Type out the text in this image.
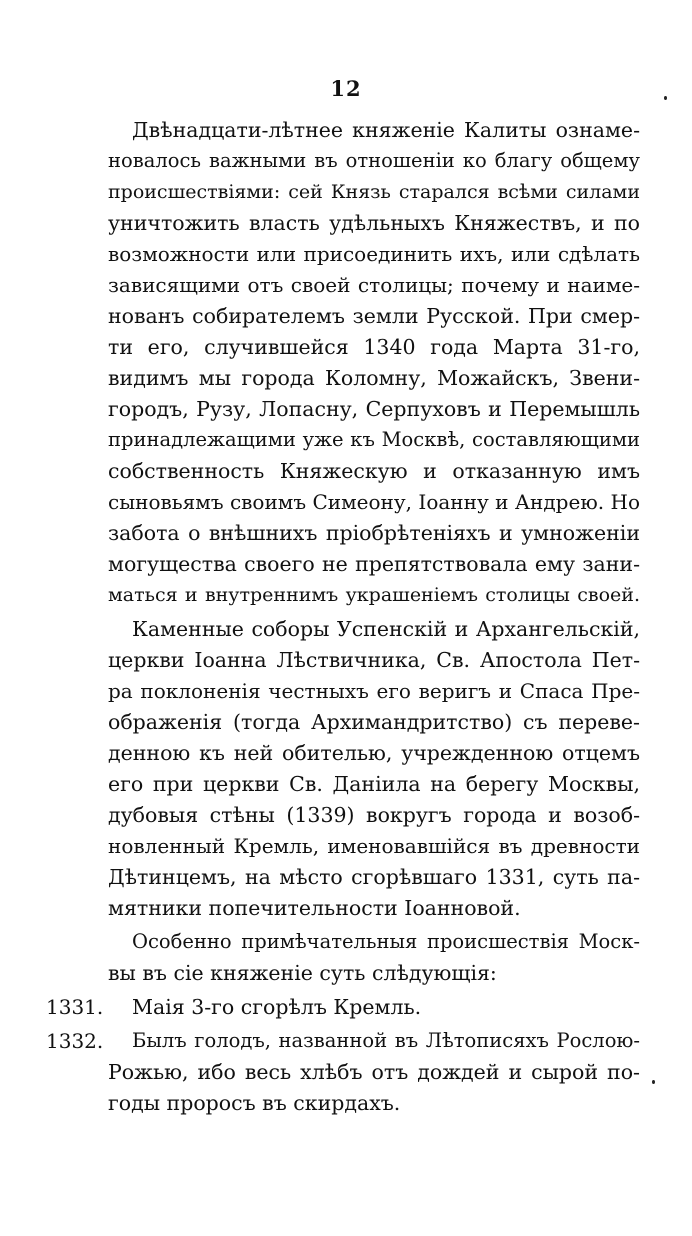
12
Двѣнадцати-лѣтнее княженіе Калиты ознаме-
новалось важными въ отношеніи ко благу общему
происшествіями: сей Князь старался всѣми силами
уничтожить власть удѣльныхъ Княжествъ, и по
возможности или присоединить ихъ, или сдѣлать
зависящими отъ своей столицы; почему и наиме-
нованъ собирателемъ земли Русской. При смер-
ти его, случившейся 1340 года Марта 31-го,
видимъ мы города Коломну, Можайскъ, Звени-
городъ, Рузу, Лопасну, Серпуховъ и Перемышль
принадлежащими уже къ Москвѣ, составляющими
собственность Княжескую и отказанную имъ
сыновьямъ своимъ Симеону, Іоанну и Андрею. Но
забота о внѣшнихъ пріобрѣтеніяхъ и умноженіи
могущества своего не препятствовала ему зани-
маться и внутреннимъ украшеніемъ столицы своей.
Каменные соборы Успенскій и Архангельскій,
церкви Іоанна Лѣствичника, Св. Апостола Пет-
ра поклоненія честныхъ его веригъ и Спаса Пре-
ображенія (тогда Архимандритство) съ переве-
денною къ ней обителью, учрежденною отцемъ
его при церкви Св. Даніила на берегу Москвы,
дубовыя стѣны (1339) вокругъ города и возоб-
новленный Кремль, именовавшійся въ древности
Дѣтинцемъ, на мѣсто сгорѣвшаго 1331, суть па-
мятники попечительности Іоанновой.
Особенно примѣчательныя происшествія Моск-
вы въ сіе княженіе суть слѣдующія:
Маія 3-го сгорѣлъ Кремль.
Былъ голодъ, названной въ Лѣтописяхъ Рослою-
Рожью, ибо весь хлѣбъ отъ дождей и сырой по-
годы проросъ въ скирдахъ.
1331.
1332.
